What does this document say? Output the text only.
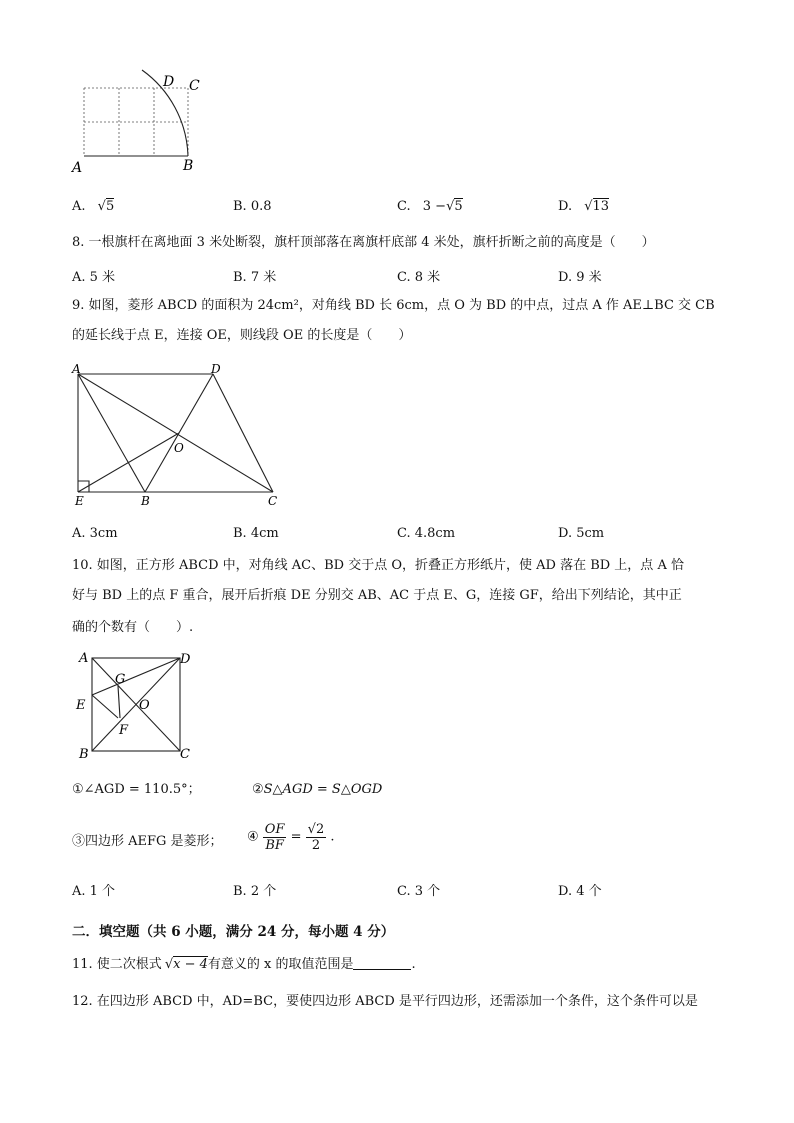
D C
A	B
A. √5	B. 0.8	C. 3 −√5	D. √13
8. 一根旗杆在离地面 3 米处断裂，旗杆顶部落在离旗杆底部 4 米处，旗杆折断之前的高度是（　　）
A. 5 米	B. 7 米	C. 8 米	D. 9 米
9. 如图，菱形 ABCD 的面积为 24cm²，对角线 BD 长 6cm，点 O 为 BD 的中点，过点 A 作 AE⊥BC 交 CB
的延长线于点 E，连接 OE，则线段 OE 的长度是（　　）
A	D
O
E	B	C
A. 3cm	B. 4cm	C. 4.8cm	D. 5cm
10. 如图，正方形 ABCD 中，对角线 AC、BD 交于点 O，折叠正方形纸片，使 AD 落在 BD 上，点 A 恰
好与 BD 上的点 F 重合，展开后折痕 DE 分别交 AB、AC 于点 E、G，连接 GF，给出下列结论，其中正
确的个数有（　　）.
A	D
G
E	O
F
B	C
①∠AGD = 110.5°；	②S△AGD = S△OGD
③四边形 AEFG 是菱形； ④ $\frac{OF}{BF} = \frac{√2}{2}$ .
A. 1 个	B. 2 个	C. 3 个	D. 4 个
二．填空题（共 6 小题，满分 24 分，每小题 4 分）
11. 使二次根式 √x − 4有意义的 x 的取值范围是	.
12. 在四边形 ABCD 中，AD=BC，要使四边形 ABCD 是平行四边形，还需添加一个条件，这个条件可以是
